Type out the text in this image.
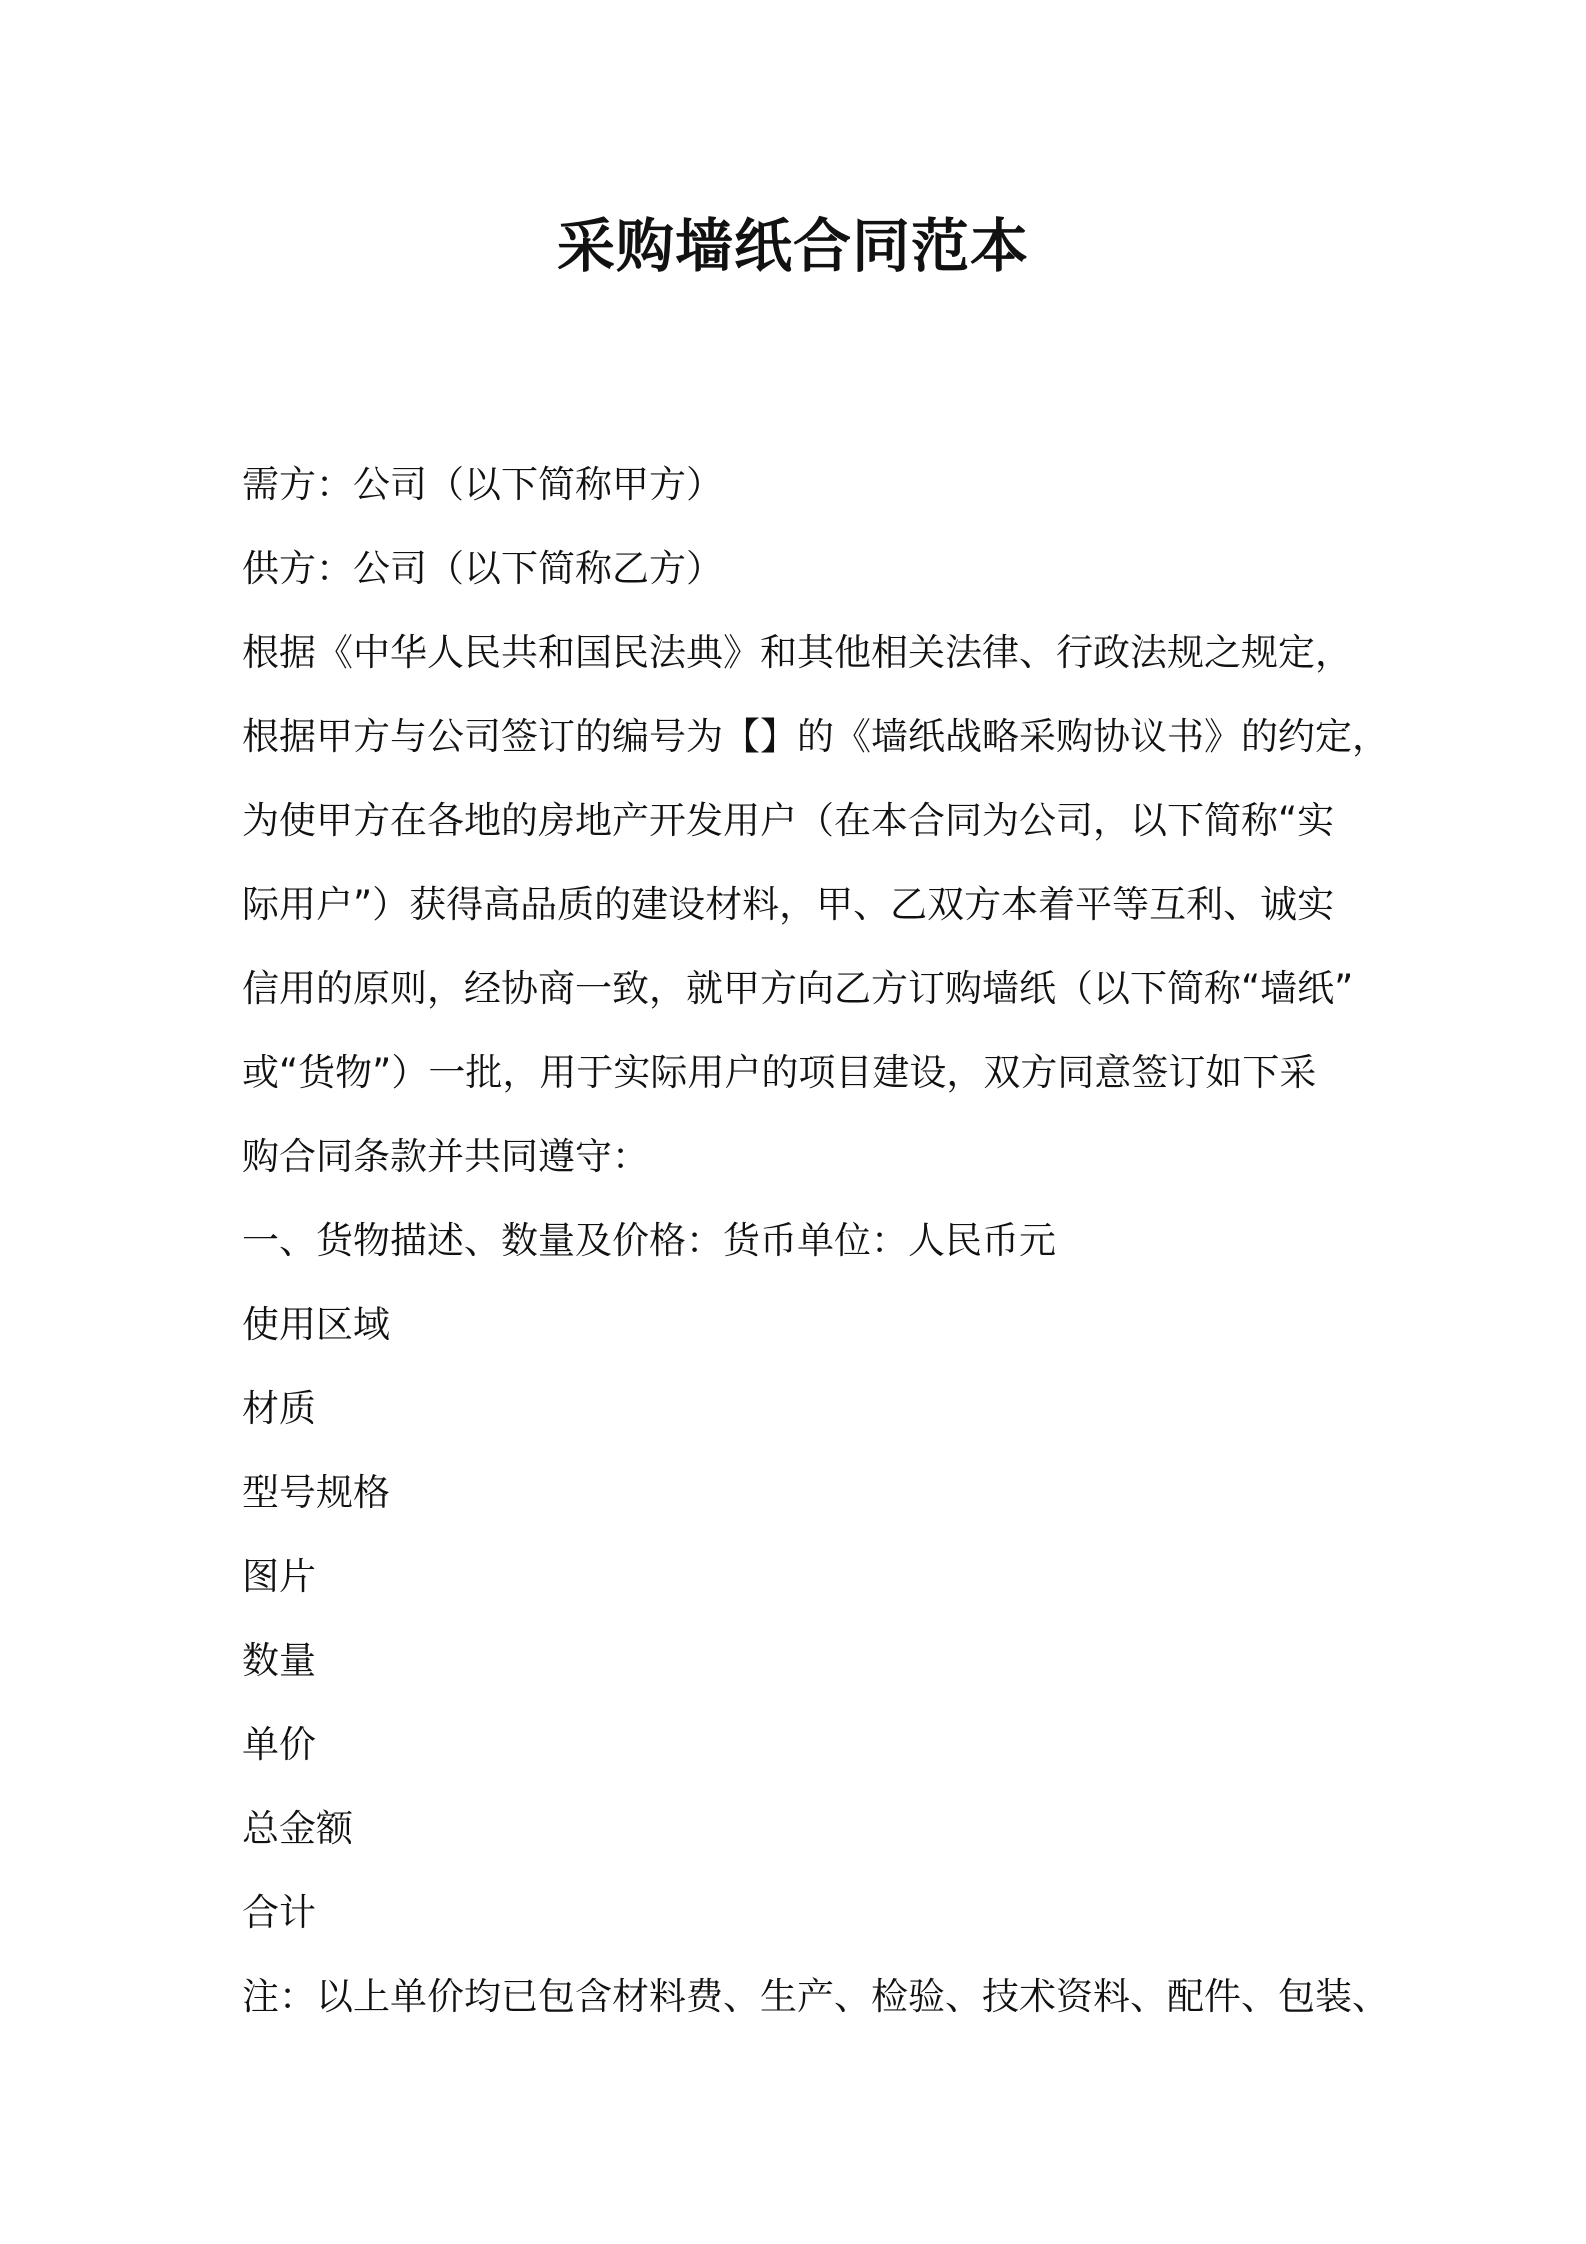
采购墙纸合同范本
需方：公司（以下简称甲方）
供方：公司（以下简称乙方）
根据《中华人民共和国民法典》和其他相关法律、行政法规之规定，
根据甲方与公司签订的编号为【】的《墙纸战略采购协议书》的约定，
为使甲方在各地的房地产开发用户（在本合同为公司，以下简称“实
际用户”）获得高品质的建设材料，甲、乙双方本着平等互利、诚实
信用的原则，经协商一致，就甲方向乙方订购墙纸（以下简称“墙纸”
或“货物”）一批，用于实际用户的项目建设，双方同意签订如下采
购合同条款并共同遵守：
一、货物描述、数量及价格：货币单位：人民币元
使用区域
材质
型号规格
图片
数量
单价
总金额
合计
注：以上单价均已包含材料费、生产、检验、技术资料、配件、包装、
